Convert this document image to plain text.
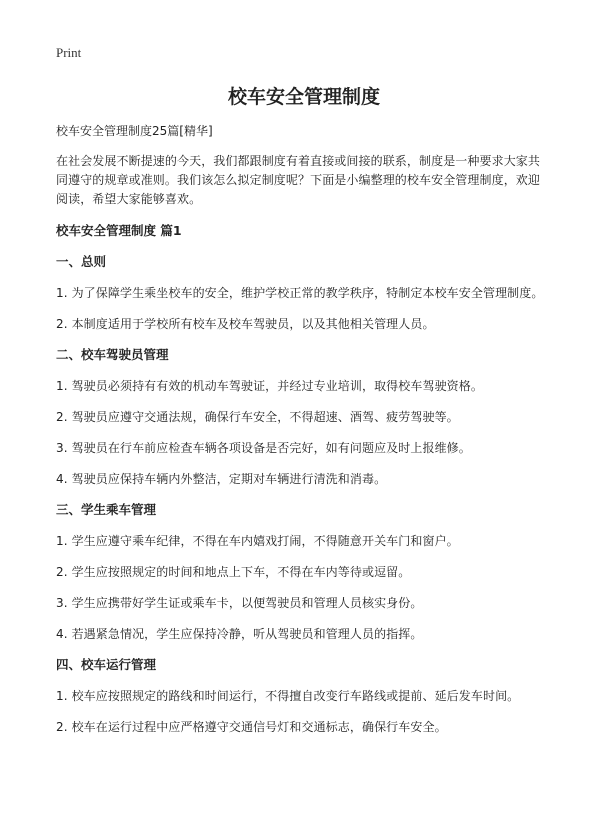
Print
校车安全管理制度
校车安全管理制度25篇[精华]

在社会发展不断提速的今天，我们都跟制度有着直接或间接的联系，制度是一种要求大家共同遵守的规章或准则。我们该怎么拟定制度呢？下面是小编整理的校车安全管理制度，欢迎阅读，希望大家能够喜欢。

校车安全管理制度 篇1
一、总则

1. 为了保障学生乘坐校车的安全，维护学校正常的教学秩序，特制定本校车安全管理制度。

2. 本制度适用于学校所有校车及校车驾驶员，以及其他相关管理人员。

二、校车驾驶员管理

1. 驾驶员必须持有有效的机动车驾驶证，并经过专业培训，取得校车驾驶资格。

2. 驾驶员应遵守交通法规，确保行车安全，不得超速、酒驾、疲劳驾驶等。

3. 驾驶员在行车前应检查车辆各项设备是否完好，如有问题应及时上报维修。

4. 驾驶员应保持车辆内外整洁，定期对车辆进行清洗和消毒。

三、学生乘车管理

1. 学生应遵守乘车纪律，不得在车内嬉戏打闹，不得随意开关车门和窗户。

2. 学生应按照规定的时间和地点上下车，不得在车内等待或逗留。

3. 学生应携带好学生证或乘车卡，以便驾驶员和管理人员核实身份。

4. 若遇紧急情况，学生应保持冷静，听从驾驶员和管理人员的指挥。

四、校车运行管理

1. 校车应按照规定的路线和时间运行，不得擅自改变行车路线或提前、延后发车时间。

2. 校车在运行过程中应严格遵守交通信号灯和交通标志，确保行车安全。
